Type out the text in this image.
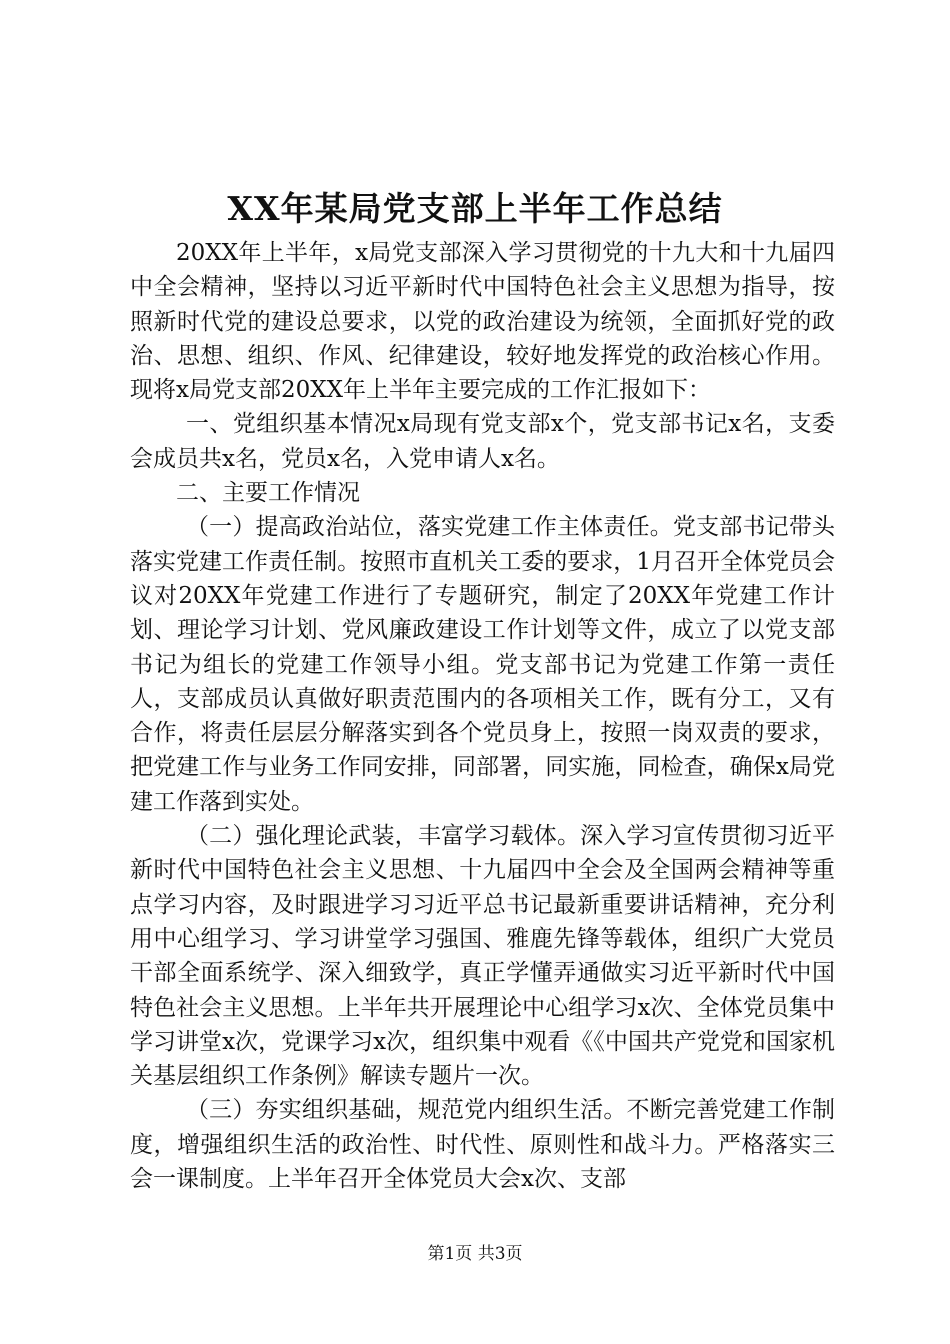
XX年某局党支部上半年工作总结

20XX年上半年，x局党支部深入学习贯彻党的十九大和十九届四中全会精神，坚持以习近平新时代中国特色社会主义思想为指导，按照新时代党的建设总要求，以党的政治建设为统领，全面抓好党的政治、思想、组织、作风、纪律建设，较好地发挥党的政治核心作用。现将x局党支部20XX年上半年主要完成的工作汇报如下：

一、党组织基本情况x局现有党支部x个，党支部书记x名，支委会成员共x名，党员x名，入党申请人x名。

二、主要工作情况

（一）提高政治站位，落实党建工作主体责任。党支部书记带头落实党建工作责任制。按照市直机关工委的要求，1月召开全体党员会议对20XX年党建工作进行了专题研究，制定了20XX年党建工作计划、理论学习计划、党风廉政建设工作计划等文件，成立了以党支部书记为组长的党建工作领导小组。党支部书记为党建工作第一责任人，支部成员认真做好职责范围内的各项相关工作，既有分工，又有合作，将责任层层分解落实到各个党员身上，按照一岗双责的要求，把党建工作与业务工作同安排，同部署，同实施，同检查，确保x局党建工作落到实处。

（二）强化理论武装，丰富学习载体。深入学习宣传贯彻习近平新时代中国特色社会主义思想、十九届四中全会及全国两会精神等重点学习内容，及时跟进学习习近平总书记最新重要讲话精神，充分利用中心组学习、学习讲堂学习强国、雅鹿先锋等载体，组织广大党员干部全面系统学、深入细致学，真正学懂弄通做实习近平新时代中国特色社会主义思想。上半年共开展理论中心组学习x次、全体党员集中学习讲堂x次，党课学习x次，组织集中观看《《中国共产党党和国家机关基层组织工作条例》解读专题片一次。

（三）夯实组织基础，规范党内组织生活。不断完善党建工作制度，增强组织生活的政治性、时代性、原则性和战斗力。严格落实三会一课制度。上半年召开全体党员大会x次、支部

第1页 共3页
